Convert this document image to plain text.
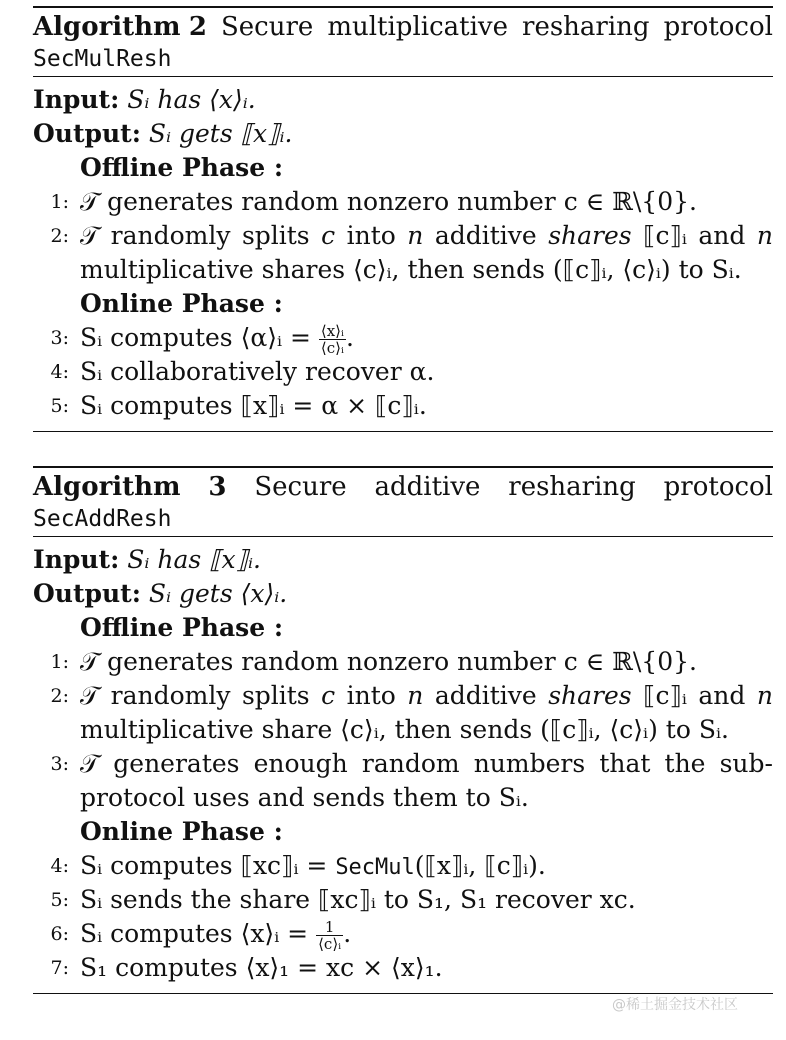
Algorithm 2 Secure multiplicative resharing protocol
SecMulResh
Input: Sᵢ has ⟨x⟩ᵢ.
Output: Sᵢ gets ⟦x⟧ᵢ.
Offline Phase :
1 : 𝒯 generates random nonzero number c ∈ ℝ\{0}.
2 : 𝒯 randomly splits c into n additive shares ⟦c⟧ᵢ and n
multiplicative shares ⟨c⟩ᵢ, then sends (⟦c⟧ᵢ, ⟨c⟩ᵢ) to Sᵢ.
Online Phase :
3 : Sᵢ computes ⟨α⟩ᵢ = $\frac{\text{⟨x⟩ᵢ}}{\text{⟨c⟩ᵢ}}$ .
4 : Sᵢ collaboratively recover α.
5 : Sᵢ computes ⟦x⟧ᵢ = α × ⟦c⟧ᵢ.
Algorithm 3 Secure additive resharing protocol
SecAddResh
Input: Sᵢ has ⟦x⟧ᵢ.
Output: Sᵢ gets ⟨x⟩ᵢ.
Offline Phase :
1 : 𝒯 generates random nonzero number c ∈ ℝ\{0}.
2 : 𝒯 randomly splits c into n additive shares ⟦c⟧ᵢ and n
multiplicative share ⟨c⟩ᵢ, then sends (⟦c⟧ᵢ, ⟨c⟩ᵢ) to Sᵢ.
3 : 𝒯 generates enough random numbers that the sub-
protocol uses and sends them to Sᵢ.
Online Phase :
4 : Sᵢ computes ⟦xc⟧ᵢ = SecMul(⟦x⟧ᵢ, ⟦c⟧ᵢ).
5 : Sᵢ sends the share ⟦xc⟧ᵢ to S₁, S₁ recover xc.
6 : Sᵢ computes ⟨x⟩ᵢ = $\frac{1}{\text{⟨c⟩ᵢ}}$ .
7 : S₁ computes ⟨x⟩₁ = xc × ⟨x⟩₁.
@稀土掘金技术社区
